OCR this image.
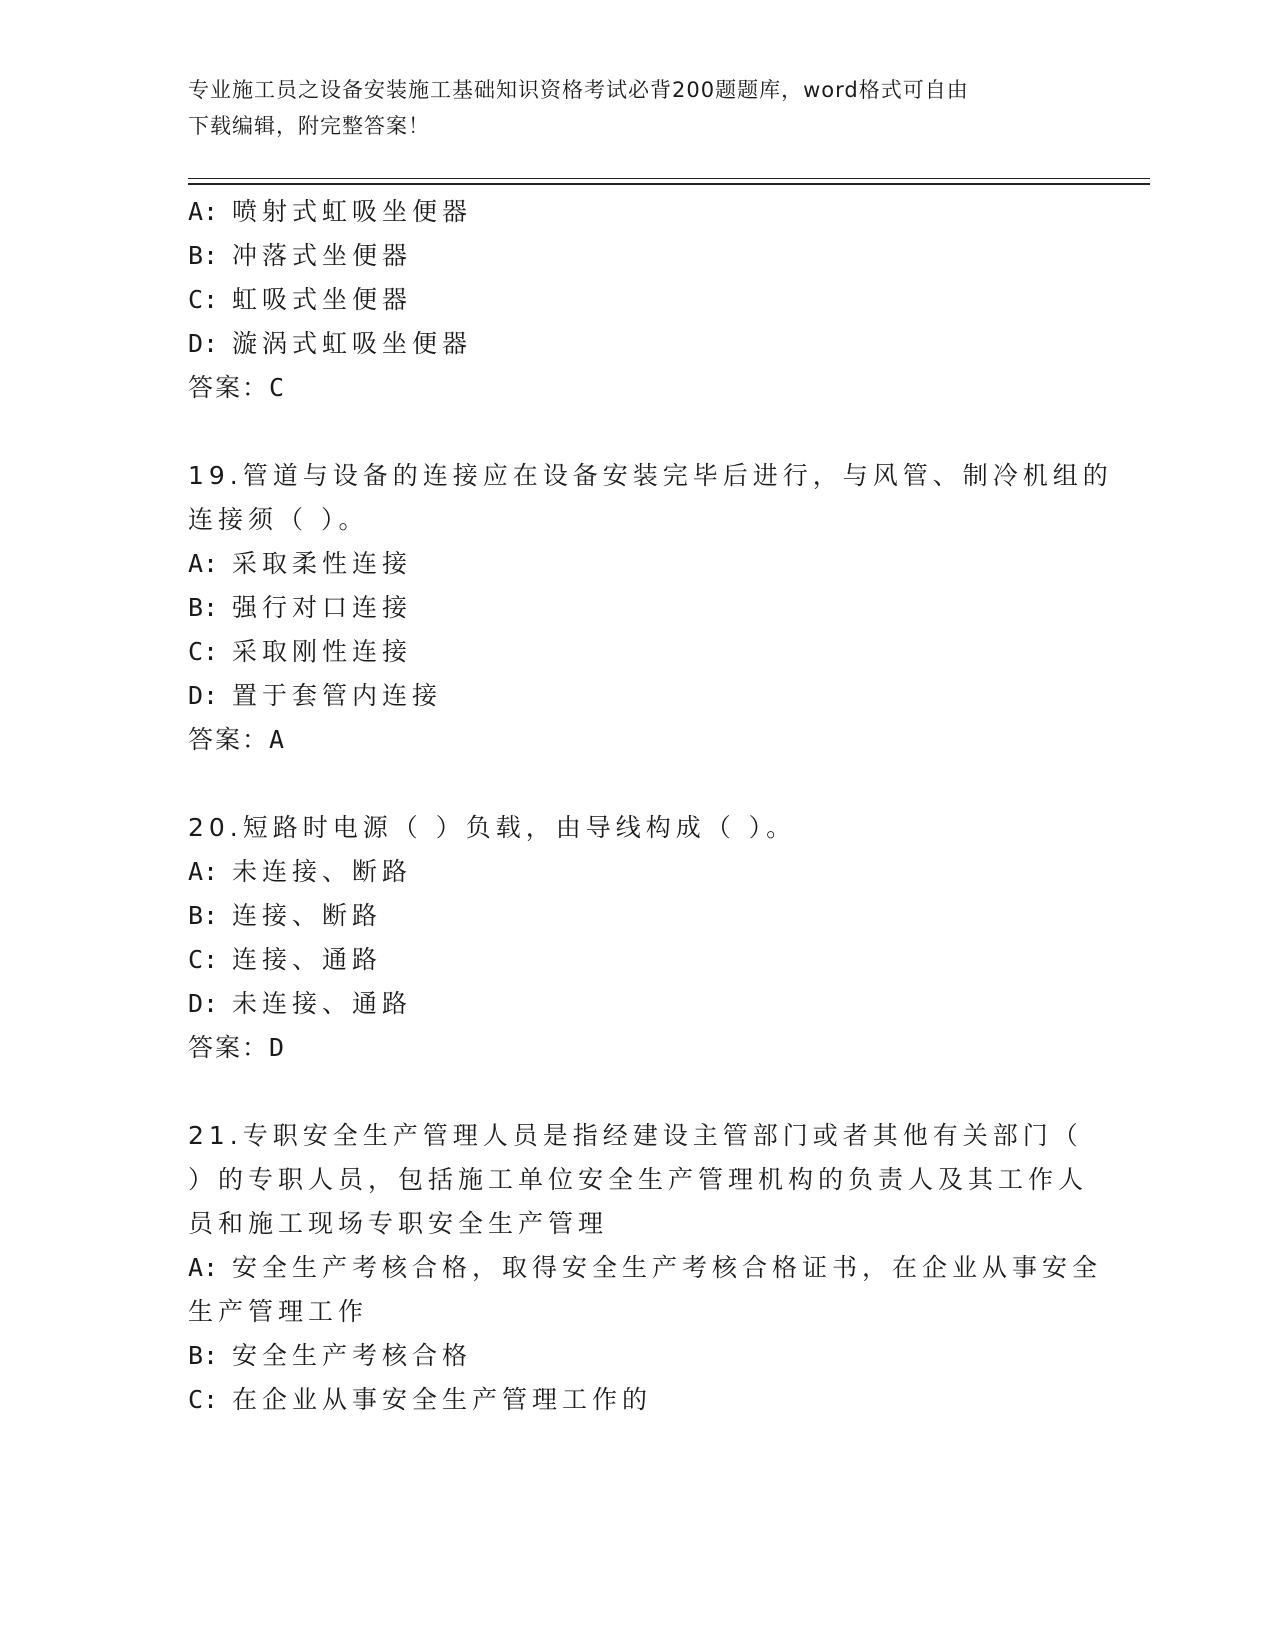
专业施工员之设备安装施工基础知识资格考试必背200题题库，word格式可自由
下载编辑，附完整答案！
A: 喷射式虹吸坐便器
B: 冲落式坐便器
C: 虹吸式坐便器
D: 漩涡式虹吸坐便器
答案：C
19.管道与设备的连接应在设备安装完毕后进行，与风管、制冷机组的
连接须（ ）。
A: 采取柔性连接
B: 强行对口连接
C: 采取刚性连接
D: 置于套管内连接
答案：A
20.短路时电源（ ）负载，由导线构成（ ）。
A: 未连接、断路
B: 连接、断路
C: 连接、通路
D: 未连接、通路
答案：D
21.专职安全生产管理人员是指经建设主管部门或者其他有关部门（
）的专职人员，包括施工单位安全生产管理机构的负责人及其工作人
员和施工现场专职安全生产管理
A: 安全生产考核合格，取得安全生产考核合格证书，在企业从事安全
生产管理工作
B: 安全生产考核合格
C: 在企业从事安全生产管理工作的
